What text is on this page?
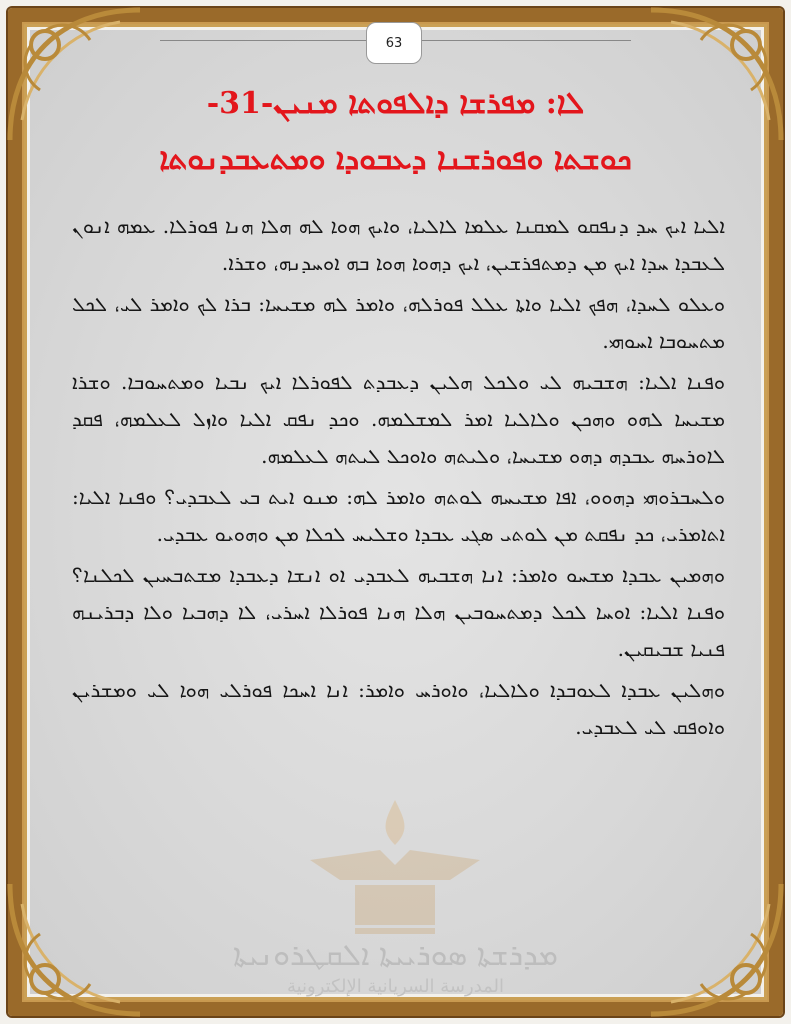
63
ܠܐ: ܡܦܪܫܐ ܕܐܠܦܘܬܐ ܡܢܝܢ-31-
ܟܘܫܬܐ ܘܦܘܪܫܢܐ ܕܥܒܘܕܐ ܘܡܬܥܒܕܢܘܬܐ

ܐܠܝܐ ܐܝܟ ܚܕ ܕܢܦܩܘ ܠܡܩܢܐ ܥܠܡܐ ܠܐܠܝܐ، ܘܐܝܟ ܗܘܐ ܠܗ ܗܠܐ ܗܢܐ ܦܘܪܠܐ. ܥܡܗ ܐܢܘܢ ܠܥܒܕܐ ܚܕܐ ܐܝܟ ܡܢ ܕܡܬܦܪܫܝܢ، ܐܝܟ ܕܗܘܐ ܗܘܐ ܒܗ ܐܘܚܕܢܗ، ܘܫܪܐ.

ܘܥܠܘ ܠܚܕܐ، ܗܦܟ ܐܠܝܐ ܘܐܬܐ ܥܠܠ ܦܘܪܠܗ، ܘܐܡܪ ܠܗ ܡܫܝܚܐ: ܒܪܐ ܠܟ ܘܐܡܪ ܠܝ، ܠܟܠ ܡܬܚܘܒܐ ܐܚܘܗܝ.

ܘܦܢܐ ܐܠܝܐ: ܗܫܒܝܗ ܠܝ ܘܠܟܠ ܗܠܝܢ ܕܥܒܕܬ ܠܦܘܪܠܐ ܐܝܟ ܢܒܝܐ ܘܡܬܚܘܒܐ. ܘܫܪܐ ܡܫܝܚܐ ܠܗܘ ܘܗܟܢ ܘܠܐܠܝܐ ܐܡܪ ܠܡܫܠܡܗ. ܘܟܕ ܢܦܩ ܐܠܝܐ ܘܐܙܠ ܠܥܠܡܗ، ܦܩܕ ܠܐܘܪܚܗ ܥܒܕܗ ܕܗܘ ܡܫܝܚܐ، ܘܠܝܬܗ ܘܐܘܟܠ ܠܝܬܗ ܠܥܠܡܗ.

ܘܠܚܒܪܘܗܝ ܕܗܘܘ، ܐܦܐ ܡܫܝܚܗ ܠܘܬܗ ܘܐܡܪ ܠܗ: ܡܢܘ ܐܝܬ ܒܝ ܠܥܒܕܝ؟ ܘܦܢܐ ܐܠܝܐ: ܐܬܐܡܪܝ، ܟܕ ܢܦܩܬ ܡܢ ܠܘܬܝ ܣܓܝ ܥܒܕܐ ܘܫܠܝܚ ܠܟܠܐ ܡܢ ܘܗܘܝܘ ܥܒܕܝ.

ܘܗܡܝܢ ܥܒܕܐ ܡܫܚܘ ܘܐܡܪ: ܐܢܐ ܗܫܒܝܗ ܠܥܒܕܝ ܐܘ ܐܢܫܐ ܕܥܒܕܐ ܡܫܬܒܚܝܢ ܠܟܠܢܐ؟ ܘܦܢܐ ܐܠܝܐ: ܐܘܚܐ ܠܟܠ ܕܡܬܚܘܒܝܢ ܗܠܐ ܗܢܐ ܦܘܪܠܐ ܐܚܪܝ، ܠܐ ܕܗܒܝܐ ܘܠܐ ܕܒܪܝܢܗ ܦܢܝܐ ܫܒܝܩܝܢ.

ܘܗܠܝܢ ܥܒܕܐ ܠܥܘܒܕܐ ܘܠܐܠܝܐ، ܘܐܘܪܚ ܘܐܡܪ: ܐܢܐ ܐܚܟܐ ܦܘܪܠܝ ܗܘܐ ܠܝ ܘܡܫܪܝܢ ܘܐܘܦܩ ܠܝ ܠܥܒܕܝ.

ܡܕܪܫܬܐ ܣܘܪܝܝܬܐ ܐܠܩܛܪܘܢܝܬܐ
المدرسة السريانية الإلكترونية
